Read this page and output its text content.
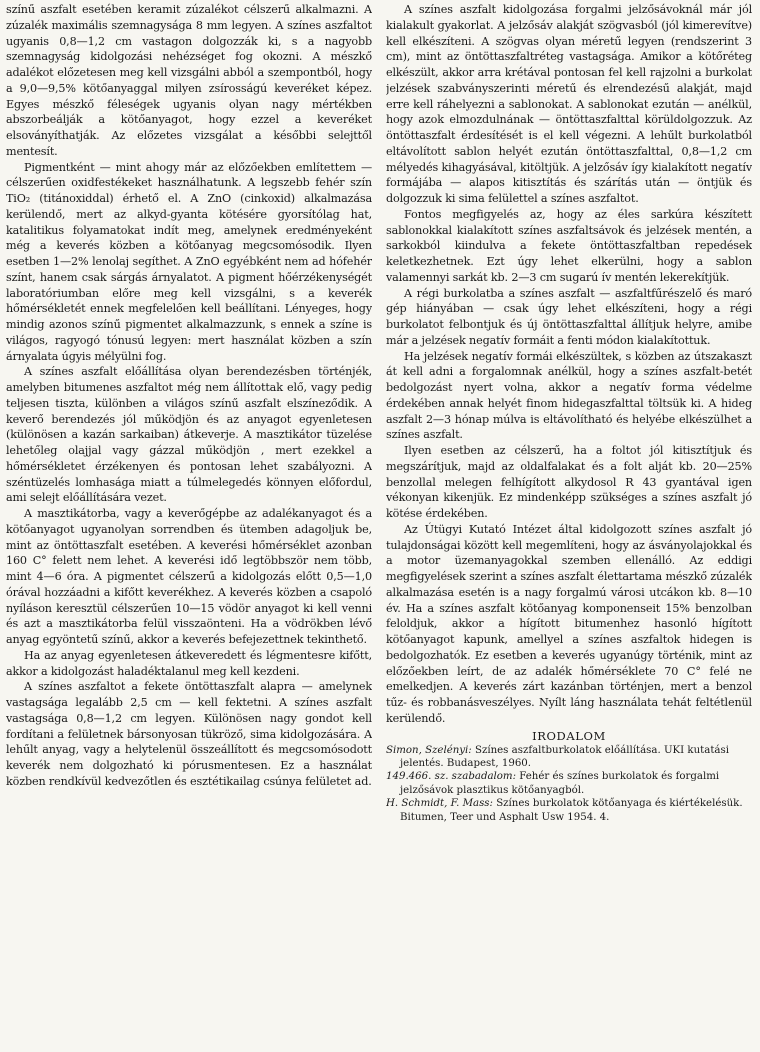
színű aszfalt esetében keramit zúzalékot célszerű alkalmazni. A zúzalék maximális szemnagysága 8 mm legyen. A színes aszfaltot ugyanis 0,8—1,2 cm vastagon dolgozzák ki, s a nagyobb szemnagyság kidolgozási nehézséget fog okozni. A mészkő adalékot előzetesen meg kell vizsgálni abból a szempontból, hogy a 9,0—9,5% kötőanyaggal milyen zsírosságú keveréket képez. Egyes mészkő féleségek ugyanis olyan nagy mértékben abszorbeálják a kötőanyagot, hogy ezzel a keveréket elsoványíthatják. Az előzetes vizsgálat a későbbi selejttől mentesít.

Pigmentként — mint ahogy már az előzőekben említettem — célszerűen oxidfestékeket használhatunk. A legszebb fehér szín TiO₂ (titánoxiddal) érhető el. A ZnO (cinkoxid) alkalmazása kerülendő, mert az alkyd-gyanta kötésére gyorsítólag hat, katalitikus folyamatokat indít meg, amelynek eredményeként még a keverés közben a kötőanyag megcsomósodik. Ilyen esetben 1—2% lenolaj segíthet. A ZnO egyébként nem ad hófehér színt, hanem csak sárgás árnyalatot. A pigment hőérzékenységét laboratóriumban előre meg kell vizsgálni, s a keverék hőmérsékletét ennek megfelelően kell beállítani. Lényeges, hogy mindig azonos színű pigmentet alkalmazzunk, s ennek a színe is világos, ragyogó tónusú legyen: mert használat közben a szín árnyalata úgyis mélyülni fog.

A színes aszfalt előállítása olyan berendezésben történjék, amelyben bitumenes aszfaltot még nem állítottak elő, vagy pedig teljesen tiszta, különben a világos színű aszfalt elszíneződik. A keverő berendezés jól működjön és az anyagot egyenletesen (különösen a kazán sarkaiban) átkeverje. A masztikátor tüzelése lehetőleg olajjal vagy gázzal működjön , mert ezekkel a hőmérsékletet érzékenyen és pontosan lehet szabályozni. A széntüzelés lomhasága miatt a túlmelegedés könnyen előfordul, ami selejt előállítására vezet.

A masztikátorba, vagy a keverőgépbe az adalékanyagot és a kötőanyagot ugyanolyan sorrendben és ütemben adagoljuk be, mint az öntöttaszfalt esetében. A keverési hőmérséklet azonban 160 C° felett nem lehet. A keverési idő legtöbbször nem több, mint 4—6 óra. A pigmentet célszerű a kidolgozás előtt 0,5—1,0 órával hozzáadni a kifőtt keverékhez. A keverés közben a csapoló nyíláson keresztül célszerűen 10—15 vödör anyagot ki kell venni és azt a masztikátorba felül visszaönteni. Ha a vödrökben lévő anyag egyöntetű színű, akkor a keverés befejezettnek tekinthető.

Ha az anyag egyenletesen átkeveredett és légmentesre kifőtt, akkor a kidolgozást haladéktalanul meg kell kezdeni.

A színes aszfaltot a fekete öntöttaszfalt alapra — amelynek vastagsága legalább 2,5 cm — kell fektetni. A színes aszfalt vastagsága 0,8—1,2 cm legyen. Különösen nagy gondot kell fordítani a felületnek bársonyosan tükröző, sima kidolgozására. A lehűlt anyag, vagy a helytelenül összeállított és megcsomósodott keverék nem dolgozható ki pórusmentesen. Ez a használat közben rendkívül kedvezőtlen és esztétikailag csúnya felületet ad.

A színes aszfalt kidolgozása forgalmi jelzősávoknál már jól kialakult gyakorlat. A jelzősáv alakját szögvasból (jól kimerevítve) kell elkészíteni. A szögvas olyan méretű legyen (rendszerint 3 cm), mint az öntöttaszfaltréteg vastagsága. Amikor a kötőréteg elkészült, akkor arra krétával pontosan fel kell rajzolni a burkolat jelzések szabványszerinti méretű és elrendezésű alakját, majd erre kell ráhelyezni a sablonokat. A sablonokat ezután — anélkül, hogy azok elmozdulnának — öntöttaszfalttal körüldolgozzuk. Az öntöttaszfalt érdesítését is el kell végezni. A lehűlt burkolatból eltávolított sablon helyét ezután öntöttaszfalttal, 0,8—1,2 cm mélyedés kihagyásával, kitöltjük. A jelzősáv így kialakított negatív formájába — alapos kitisztítás és szárítás után — öntjük és dolgozzuk ki sima felülettel a színes aszfaltot.

Fontos megfigyelés az, hogy az éles sarkúra készített sablonokkal kialakított színes aszfaltsávok és jelzések mentén, a sarkokból kiindulva a fekete öntöttaszfaltban repedések keletkezhetnek. Ezt úgy lehet elkerülni, hogy a sablon valamennyi sarkát kb. 2—3 cm sugarú ív mentén lekerekítjük.

A régi burkolatba a színes aszfalt — aszfaltfűrészelő és maró gép hiányában — csak úgy lehet elkészíteni, hogy a régi burkolatot felbontjuk és új öntöttaszfalttal állítjuk helyre, amibe már a jelzések negatív formáit a fenti módon kialakítottuk.

Ha jelzések negatív formái elkészültek, s közben az útszakaszt át kell adni a forgalomnak anélkül, hogy a színes aszfalt-betét bedolgozást nyert volna, akkor a negatív forma védelme érdekében annak helyét finom hidegaszfalttal töltsük ki. A hideg aszfalt 2—3 hónap múlva is eltávolítható és helyébe elkészülhet a színes aszfalt.

Ilyen esetben az célszerű, ha a foltot jól kitisztítjuk és megszárítjuk, majd az oldalfalakat és a folt alját kb. 20—25% benzollal melegen felhígított alkydosol R 43 gyantával igen vékonyan kikenjük. Ez mindenképp szükséges a színes aszfalt jó kötése érdekében.

Az Útügyi Kutató Intézet által kidolgozott színes aszfalt jó tulajdonságai között kell megemlíteni, hogy az ásványolajokkal és a motor üzemanyagokkal szemben ellenálló. Az eddigi megfigyelések szerint a színes aszfalt élettartama mészkő zúzalék alkalmazása esetén is a nagy forgalmú városi utcákon kb. 8—10 év. Ha a színes aszfalt kötőanyag komponenseit 15% benzolban feloldjuk, akkor a hígított bitumenhez hasonló hígított kötőanyagot kapunk, amellyel a színes aszfaltok hidegen is bedolgozhatók. Ez esetben a keverés ugyanúgy történik, mint az előzőekben leírt, de az adalék hőmérséklete 70 C° felé ne emelkedjen. A keverés zárt kazánban történjen, mert a benzol tűz- és robbanásveszélyes. Nyílt láng használata tehát feltétlenül kerülendő.

IRODALOM

Simon, Szelényi: Színes aszfaltburkolatok előállítása. UKI kutatási jelentés. Budapest, 1960.

149.466. sz. szabadalom: Fehér és színes burkolatok és forgalmi jelzősávok plasztikus kötőanyagból.

H. Schmidt, F. Mass: Színes burkolatok kötőanyaga és kiértékelésük. Bitumen, Teer und Asphalt Usw 1954. 4.
